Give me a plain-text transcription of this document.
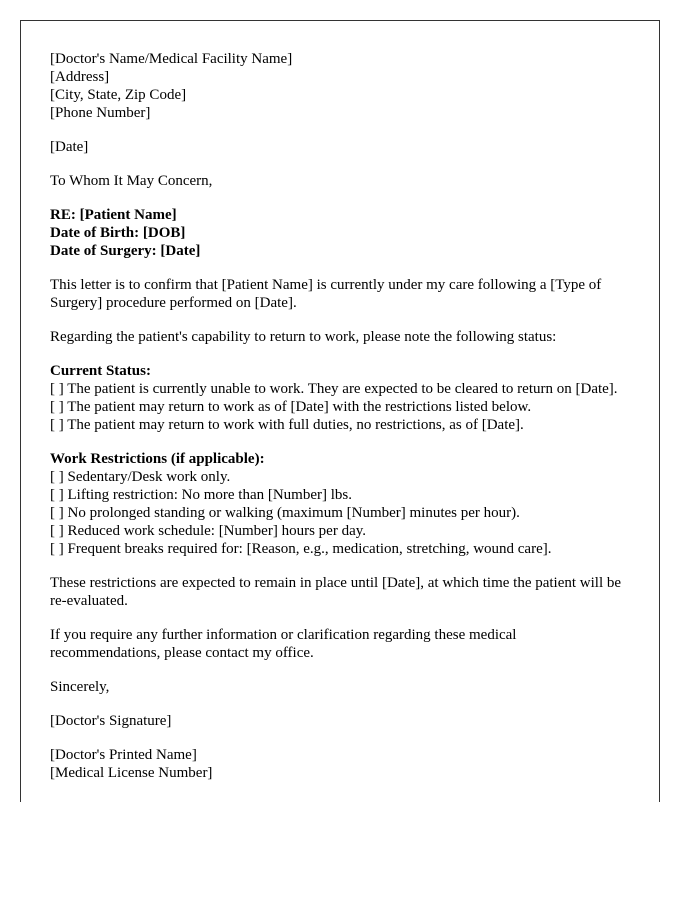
[Doctor's Name/Medical Facility Name]
[Address]
[City, State, Zip Code]
[Phone Number]
[Date]
To Whom It May Concern,
RE: [Patient Name]
Date of Birth: [DOB]
Date of Surgery: [Date]
This letter is to confirm that [Patient Name] is currently under my care following a [Type of Surgery] procedure performed on [Date].
Regarding the patient's capability to return to work, please note the following status:
Current Status:
[ ] The patient is currently unable to work. They are expected to be cleared to return on [Date].
[ ] The patient may return to work as of [Date] with the restrictions listed below.
[ ] The patient may return to work with full duties, no restrictions, as of [Date].
Work Restrictions (if applicable):
[ ] Sedentary/Desk work only.
[ ] Lifting restriction: No more than [Number] lbs.
[ ] No prolonged standing or walking (maximum [Number] minutes per hour).
[ ] Reduced work schedule: [Number] hours per day.
[ ] Frequent breaks required for: [Reason, e.g., medication, stretching, wound care].
These restrictions are expected to remain in place until [Date], at which time the patient will be re-evaluated.
If you require any further information or clarification regarding these medical recommendations, please contact my office.
Sincerely,
[Doctor's Signature]
[Doctor's Printed Name]
[Medical License Number]
